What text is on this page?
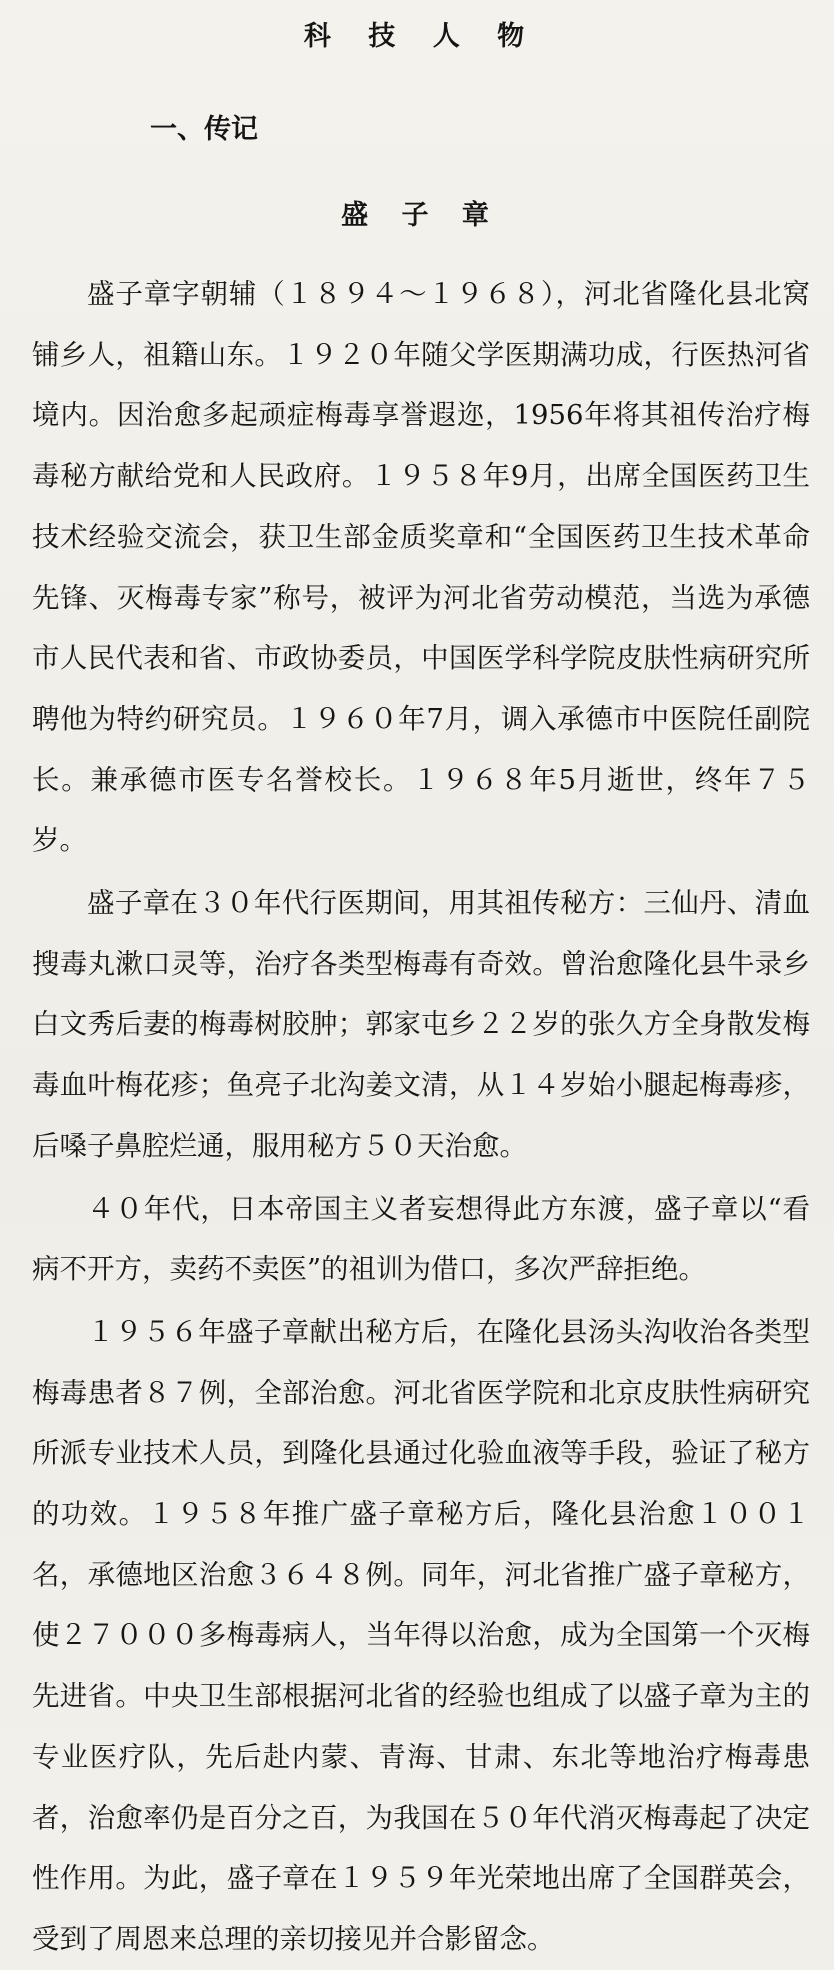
科 技 人 物
一、传记
盛 子 章

盛子章字朝辅（１８９４～１９６８），河北省隆化县北窝铺乡人，祖籍山东。１９２０年随父学医期满功成，行医热河省境内。因治愈多起顽症梅毒享誉遐迩，1956年将其祖传治疗梅毒秘方献给党和人民政府。１９５８年9月，出席全国医药卫生技术经验交流会，获卫生部金质奖章和“全国医药卫生技术革命先锋、灭梅毒专家”称号，被评为河北省劳动模范，当选为承德市人民代表和省、市政协委员，中国医学科学院皮肤性病研究所聘他为特约研究员。１９６０年7月，调入承德市中医院任副院长。兼承德市医专名誉校长。１９６８年5月逝世，终年７５岁。

盛子章在３０年代行医期间，用其祖传秘方：三仙丹、清血搜毒丸漱口灵等，治疗各类型梅毒有奇效。曾治愈隆化县牛录乡白文秀后妻的梅毒树胶肿；郭家屯乡２２岁的张久方全身散发梅毒血叶梅花疹；鱼亮子北沟姜文清，从１４岁始小腿起梅毒疹，后嗓子鼻腔烂通，服用秘方５０天治愈。

４０年代，日本帝国主义者妄想得此方东渡，盛子章以“看病不开方，卖药不卖医”的祖训为借口，多次严辞拒绝。

１９５６年盛子章献出秘方后，在隆化县汤头沟收治各类型梅毒患者８７例，全部治愈。河北省医学院和北京皮肤性病研究所派专业技术人员，到隆化县通过化验血液等手段，验证了秘方的功效。１９５８年推广盛子章秘方后，隆化县治愈１００１名，承德地区治愈３６４８例。同年，河北省推广盛子章秘方，使２７０００多梅毒病人，当年得以治愈，成为全国第一个灭梅先进省。中央卫生部根据河北省的经验也组成了以盛子章为主的专业医疗队，先后赴内蒙、青海、甘肃、东北等地治疗梅毒患者，治愈率仍是百分之百，为我国在５０年代消灭梅毒起了决定性作用。为此，盛子章在１９５９年光荣地出席了全国群英会，受到了周恩来总理的亲切接见并合影留念。
